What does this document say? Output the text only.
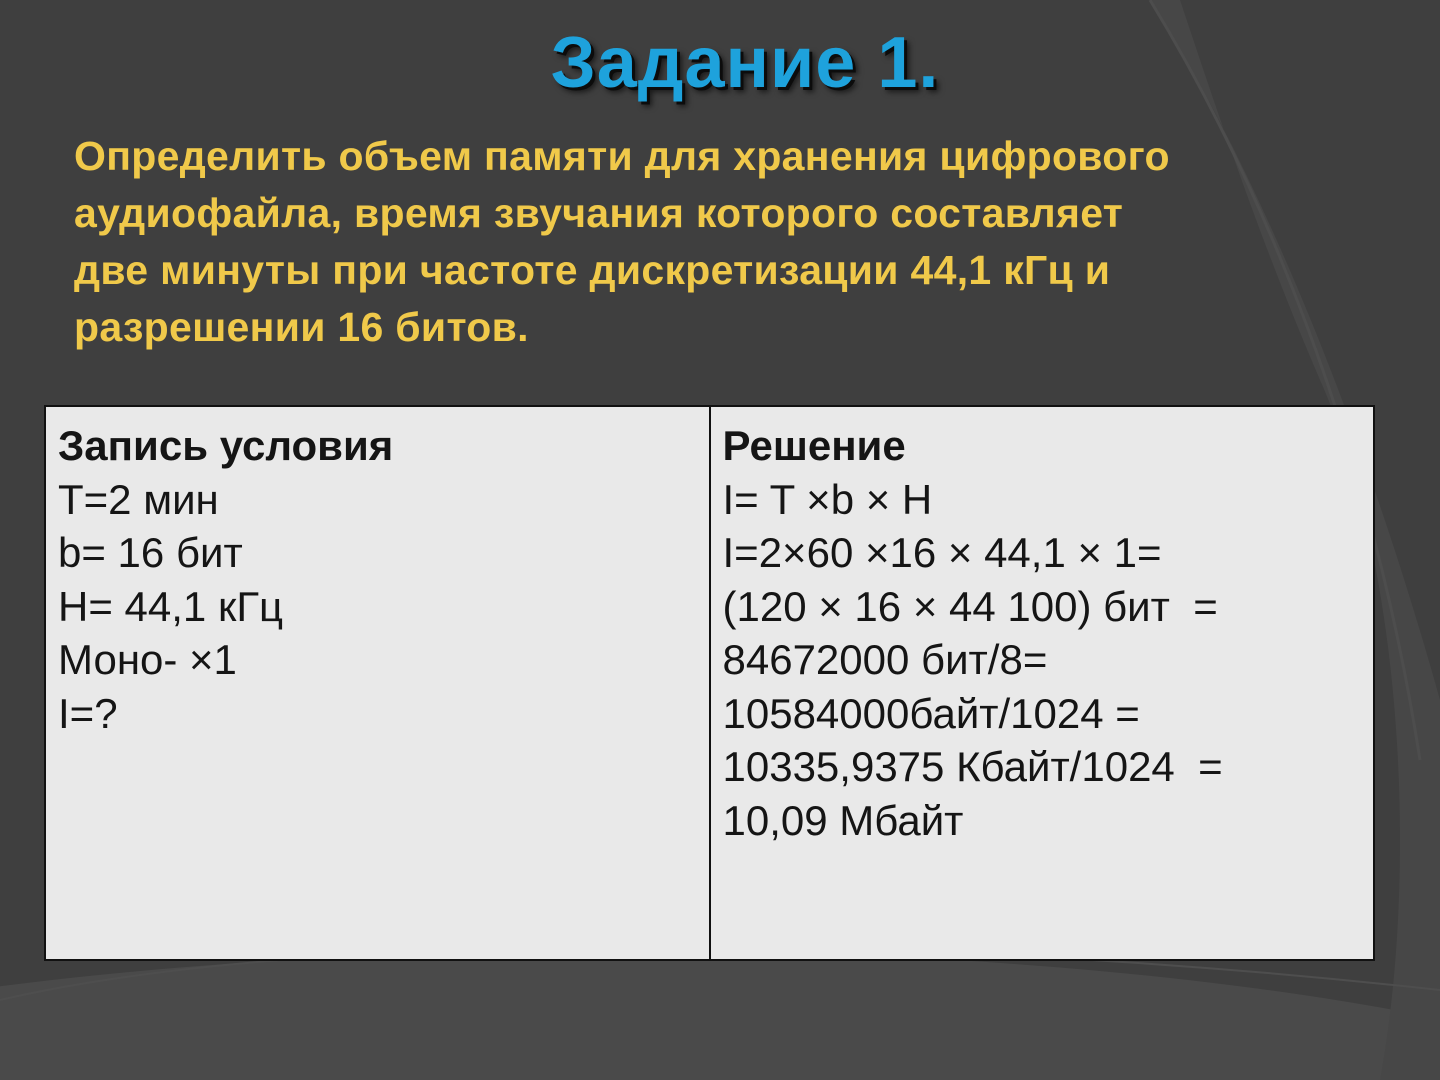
Задание 1.
Определить объем памяти для хранения цифрового
аудиофайла, время звучания которого составляет
две минуты при частоте дискретизации 44,1 кГц и
разрешении 16 битов.
Запись условия
T=2 мин
b= 16 бит
H= 44,1 кГц
Моно- ×1
I=?

Решение
I= T ×b × H
I=2×60 ×16 × 44,1 × 1=
(120 × 16 × 44 100) бит  =
84672000 бит/8=
10584000байт/1024 =
10335,9375 Кбайт/1024  =
10,09 Мбайт
